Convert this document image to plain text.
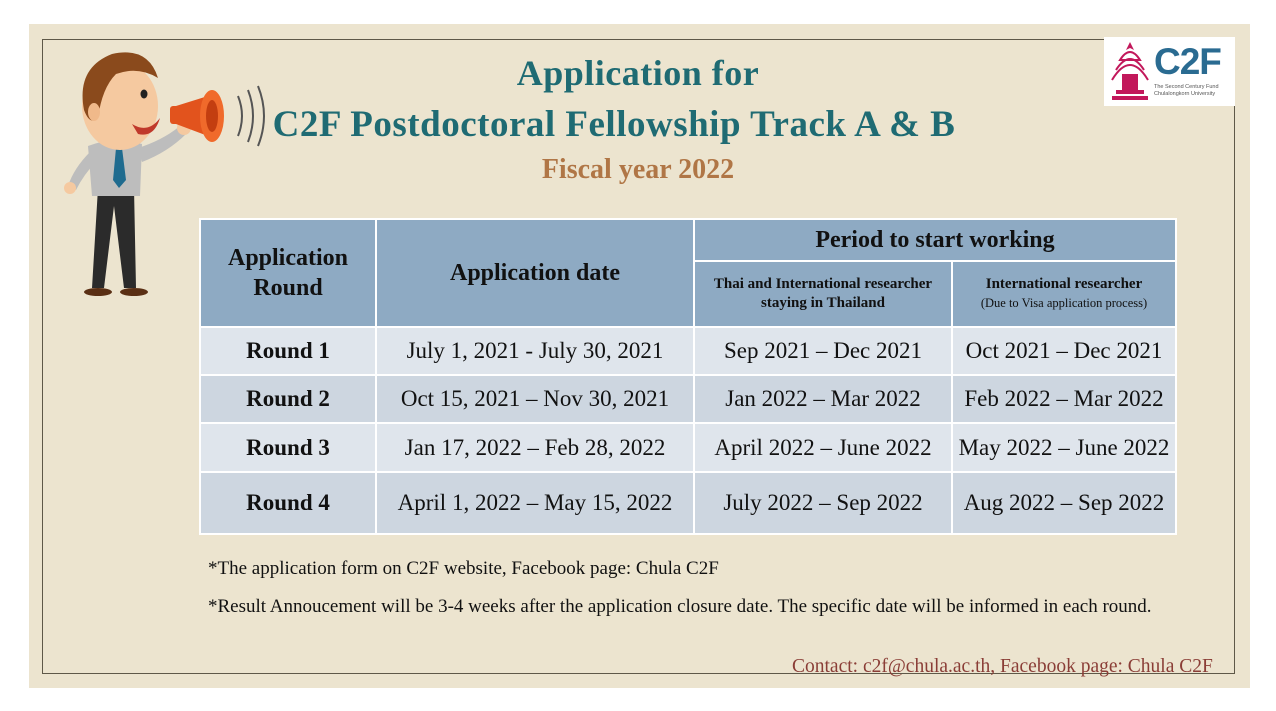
Application for
C2F Postdoctoral Fellowship Track A & B
Fiscal year 2022
C2F
The Second Century Fund Chulalongkorn University
Application Round	Application date	Period to start working	

		Thai and International researcher staying in Thailand	International researcher
(Due to Visa application process)
Round 1	July 1, 2021 - July 30, 2021	Sep 2021 – Dec 2021	Oct 2021 – Dec 2021
Round 2	Oct 15, 2021 – Nov 30, 2021	Jan 2022 – Mar 2022	Feb 2022 – Mar 2022
Round 3	Jan 17, 2022 – Feb 28, 2022	April 2022 – June 2022	May 2022 – June 2022
Round 4	April 1, 2022 – May 15, 2022	July 2022 – Sep 2022	Aug 2022 – Sep 2022
*The application form on C2F website, Facebook page: Chula C2F
*Result Annoucement will be 3-4 weeks after the application closure date. The specific date will be informed in each round.
Contact: c2f@chula.ac.th, Facebook page: Chula C2F
